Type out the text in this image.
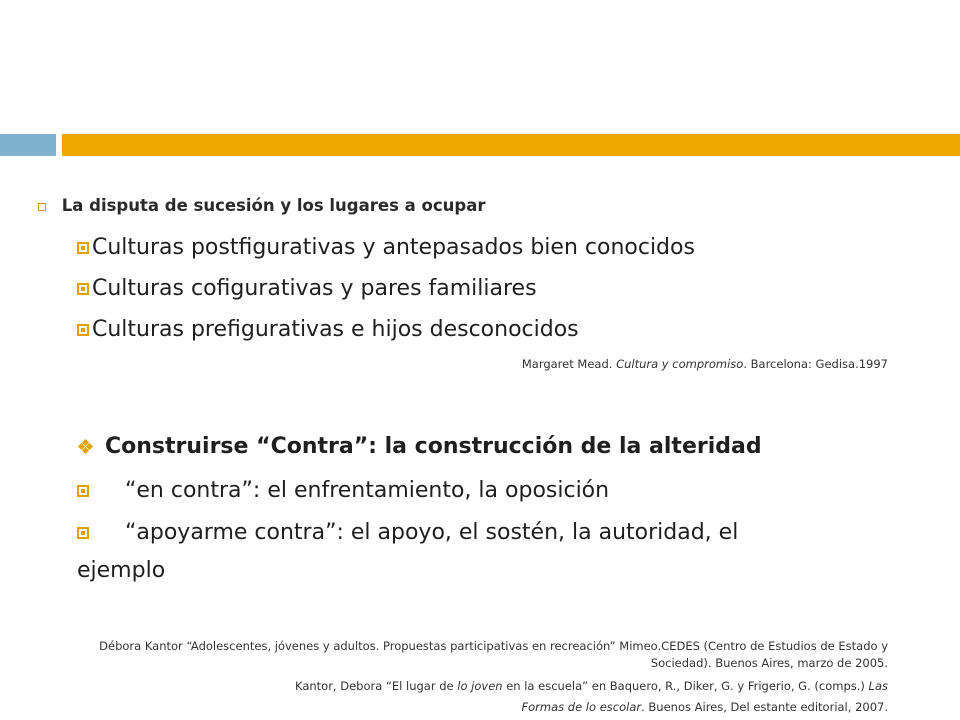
La disputa de sucesión y los lugares a ocupar
Culturas postfigurativas y antepasados bien conocidos
Culturas cofigurativas y pares familiares
Culturas prefigurativas e hijos desconocidos
Margaret Mead. Cultura y compromiso. Barcelona: Gedisa.1997
Construirse “Contra”: la construcción de la alteridad
“en contra”: el enfrentamiento, la oposición
“apoyarme contra”: el apoyo, el sostén, la autoridad, el
ejemplo
Débora Kantor “Adolescentes, jóvenes y adultos. Propuestas participativas en recreación” Mimeo.CEDES (Centro de Estudios de Estado y Sociedad). Buenos Aires, marzo de 2005.
Kantor, Debora “El lugar de lo joven en la escuela” en Baquero, R., Diker, G. y Frigerio, G. (comps.) Las
Formas de lo escolar. Buenos Aires, Del estante editorial, 2007.
